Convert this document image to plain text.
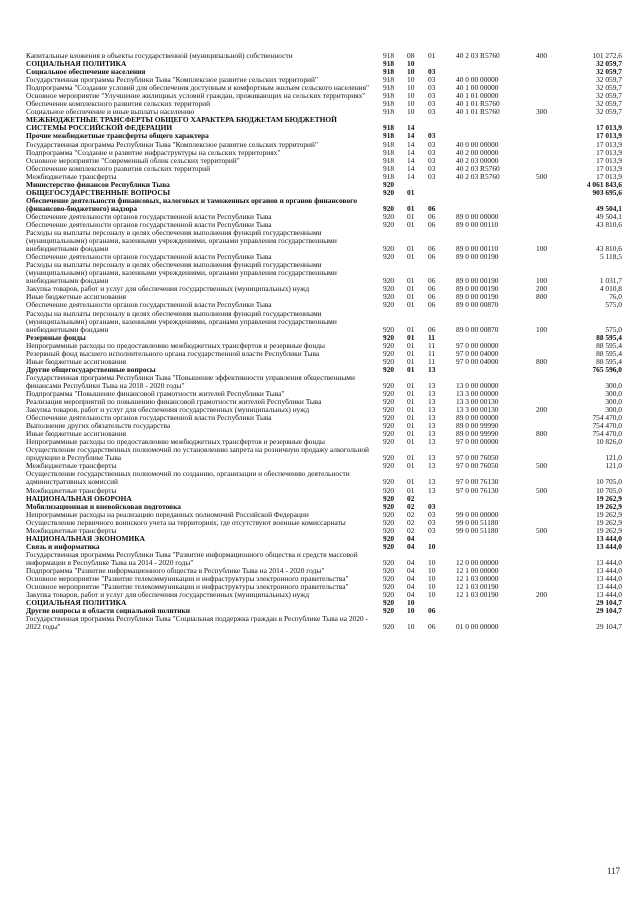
Капитальные вложения в объекты государственной (муниципальной) собственности	918	08	01	40 2 03 R5760	400	101 272,6
СОЦИАЛЬНАЯ ПОЛИТИКА	918	10				32 059,7
Социальное обеспечение населения	918	10	03			32 059,7
Государственная программа Республики Тыва "Комплексное развитие сельских территорий"	918	10	03	40 0 00 00000		32 059,7
Подпрограмма "Создание условий для обеспечения доступным и комфортным жильем сельского населения"	918	10	03	40 1 00 00000		32 059,7
Основное мероприятие "Улучшение жилищных условий граждан, проживающих на сельских территориях"	918	10	03	40 1 01 00000		32 059,7
Обеспечение комплексного развития сельских территорий	918	10	03	40 1 01 R5760		32 059,7
Социальное обеспечение и иные выплаты населению	918	10	03	40 1 01 R5760	300	32 059,7
МЕЖБЮДЖЕТНЫЕ ТРАНСФЕРТЫ ОБЩЕГО ХАРАКТЕРА БЮДЖЕТАМ БЮДЖЕТНОЙ СИСТЕМЫ РОССИЙСКОЙ ФЕДЕРАЦИИ	918	14				17 013,9
Прочие межбюджетные трансферты общего характера	918	14	03			17 013,9
Государственная программа Республики Тыва "Комплексное развитие сельских территорий"	918	14	03	40 0 00 00000		17 013,9
Подпрограмма "Создание и развитие инфраструктуры на сельских территориях"	918	14	03	40 2 00 00000		17 013,9
Основное мероприятие "Современный облик сельских территорий"	918	14	03	40 2 03 00000		17 013,9
Обеспечение комплексного развития сельских территорий	918	14	03	40 2 03 R5760		17 013,9
Межбюджетные трансферты	918	14	03	40 2 03 R5760	500	17 013,9
Министерство финансов Республики Тыва	920					4 061 843,6
ОБЩЕГОСУДАРСТВЕННЫЕ ВОПРОСЫ	920	01				903 695,6
Обеспечение деятельности финансовых, налоговых и таможенных органов и органов финансового (финансово-бюджетного) надзора	920	01	06			49 504,1
Обеспечение деятельности органов государственной власти Республики Тыва	920	01	06	89 0 00 00000		49 504,1
Обеспечение деятельности органов государственной власти Республики Тыва	920	01	06	89 0 00 00110		43 810,6
Расходы на выплаты персоналу в целях обеспечения выполнения функций государственными (муниципальными) органами, казенными учреждениями, органами управления государственными внебюджетными фондами	920	01	06	89 0 00 00110	100	43 810,6
Обеспечение деятельности органов государственной власти Республики Тыва	920	01	06	89 0 00 00190		5 118,5
Расходы на выплаты персоналу в целях обеспечения выполнения функций государственными (муниципальными) органами, казенными учреждениями, органами управления государственными внебюджетными фондами	920	01	06	89 0 00 00190	100	1 031,7
Закупка товаров, работ и услуг для обеспечения государственных (муниципальных) нужд	920	01	06	89 0 00 00190	200	4 010,8
Иные бюджетные ассигнования	920	01	06	89 0 00 00190	800	76,0
Обеспечение деятельности органов государственной власти Республики Тыва	920	01	06	89 0 00 00870		575,0
Расходы на выплаты персоналу в целях обеспечения выполнения функций государственными (муниципальными) органами, казенными учреждениями, органами управления государственными внебюджетными фондами	920	01	06	89 0 00 00870	100	575,0
Резервные фонды	920	01	11			88 595,4
Непрограммные расходы по предоставлению межбюджетных трансфертов и резервные фонды	920	01	11	97 0 00 00000		88 595,4
Резервный фонд высшего исполнительного органа государственной власти Республики Тыва	920	01	11	97 0 00 04000		88 595,4
Иные бюджетные ассигнования	920	01	11	97 0 00 04000	800	88 595,4
Другие общегосударственные вопросы	920	01	13			765 596,0
Государственная программа Республики Тыва "Повышение эффективности управления общественными финансами Республики Тыва на 2018 - 2020 годы"	920	01	13	13 0 00 00000		300,0
Подпрограмма "Повышение финансовой грамотности жителей Республики Тыва"	920	01	13	13 3 00 00000		300,0
Реализация мероприятий по повышению финансовой грамотности жителей Республики Тыва	920	01	13	13 3 00 00130		300,0
Закупка товаров, работ и услуг для обеспечения государственных (муниципальных) нужд	920	01	13	13 3 00 00130	200	300,0
Обеспечение деятельности органов государственной власти Республики Тыва	920	01	13	89 0 00 00000		754 470,0
Выполнение других обязательств государства	920	01	13	89 0 00 99990		754 470,0
Иные бюджетные ассигнования	920	01	13	89 0 00 99990	800	754 470,0
Непрограммные расходы по предоставлению межбюджетных трансфертов и резервные фонды	920	01	13	97 0 00 00000		10 826,0
Осуществление государственных полномочий по установлению запрета на розничную продажу алкогольной продукции в Республике Тыва	920	01	13	97 0 00 76050		121,0
Межбюджетные трансферты	920	01	13	97 0 00 76050	500	121,0
Осуществление государственных полномочий по созданию, организации и обеспечению деятельности административных комиссий	920	01	13	97 0 00 76130		10 705,0
Межбюджетные трансферты	920	01	13	97 0 00 76130	500	10 705,0
НАЦИОНАЛЬНАЯ ОБОРОНА	920	02				19 262,9
Мобилизационная и вневойсковая подготовка	920	02	03			19 262,9
Непрограммные расходы на реализацию переданных полномочий Российской Федерации	920	02	03	99 0 00 00000		19 262,9
Осуществление первичного воинского учета на территориях, где отсутствуют военные комиссариаты	920	02	03	99 0 00 51180		19 262,9
Межбюджетные трансферты	920	02	03	99 0 00 51180	500	19 262,9
НАЦИОНАЛЬНАЯ ЭКОНОМИКА	920	04				13 444,0
Связь и информатика	920	04	10			13 444,0
Государственная программа Республики Тыва "Развитие информационного общества и средств массовой информации в Республике Тыва на 2014 - 2020 годы"	920	04	10	12 0 00 00000		13 444,0
Подпрограмма "Развитие информационного общества в Республике Тыва на 2014 - 2020 годы"	920	04	10	12 1 00 00000		13 444,0
Основное мероприятие "Развитие телекоммуникации и инфраструктуры электронного правительства"	920	04	10	12 1 03 00000		13 444,0
Основное мероприятие "Развитие телекоммуникации и инфраструктуры электронного правительства"	920	04	10	12 1 03 00190		13 444,0
Закупка товаров, работ и услуг для обеспечения государственных (муниципальных) нужд	920	04	10	12 1 03 00190	200	13 444,0
СОЦИАЛЬНАЯ ПОЛИТИКА	920	10				29 104,7
Другие вопросы в области социальной политики	920	10	06			29 104,7
Государственная программа Республики Тыва "Социальная поддержка граждан в Республике Тыва на 2020 - 2022 годы"	920	10	06	01 0 00 00000		29 104,7
117
